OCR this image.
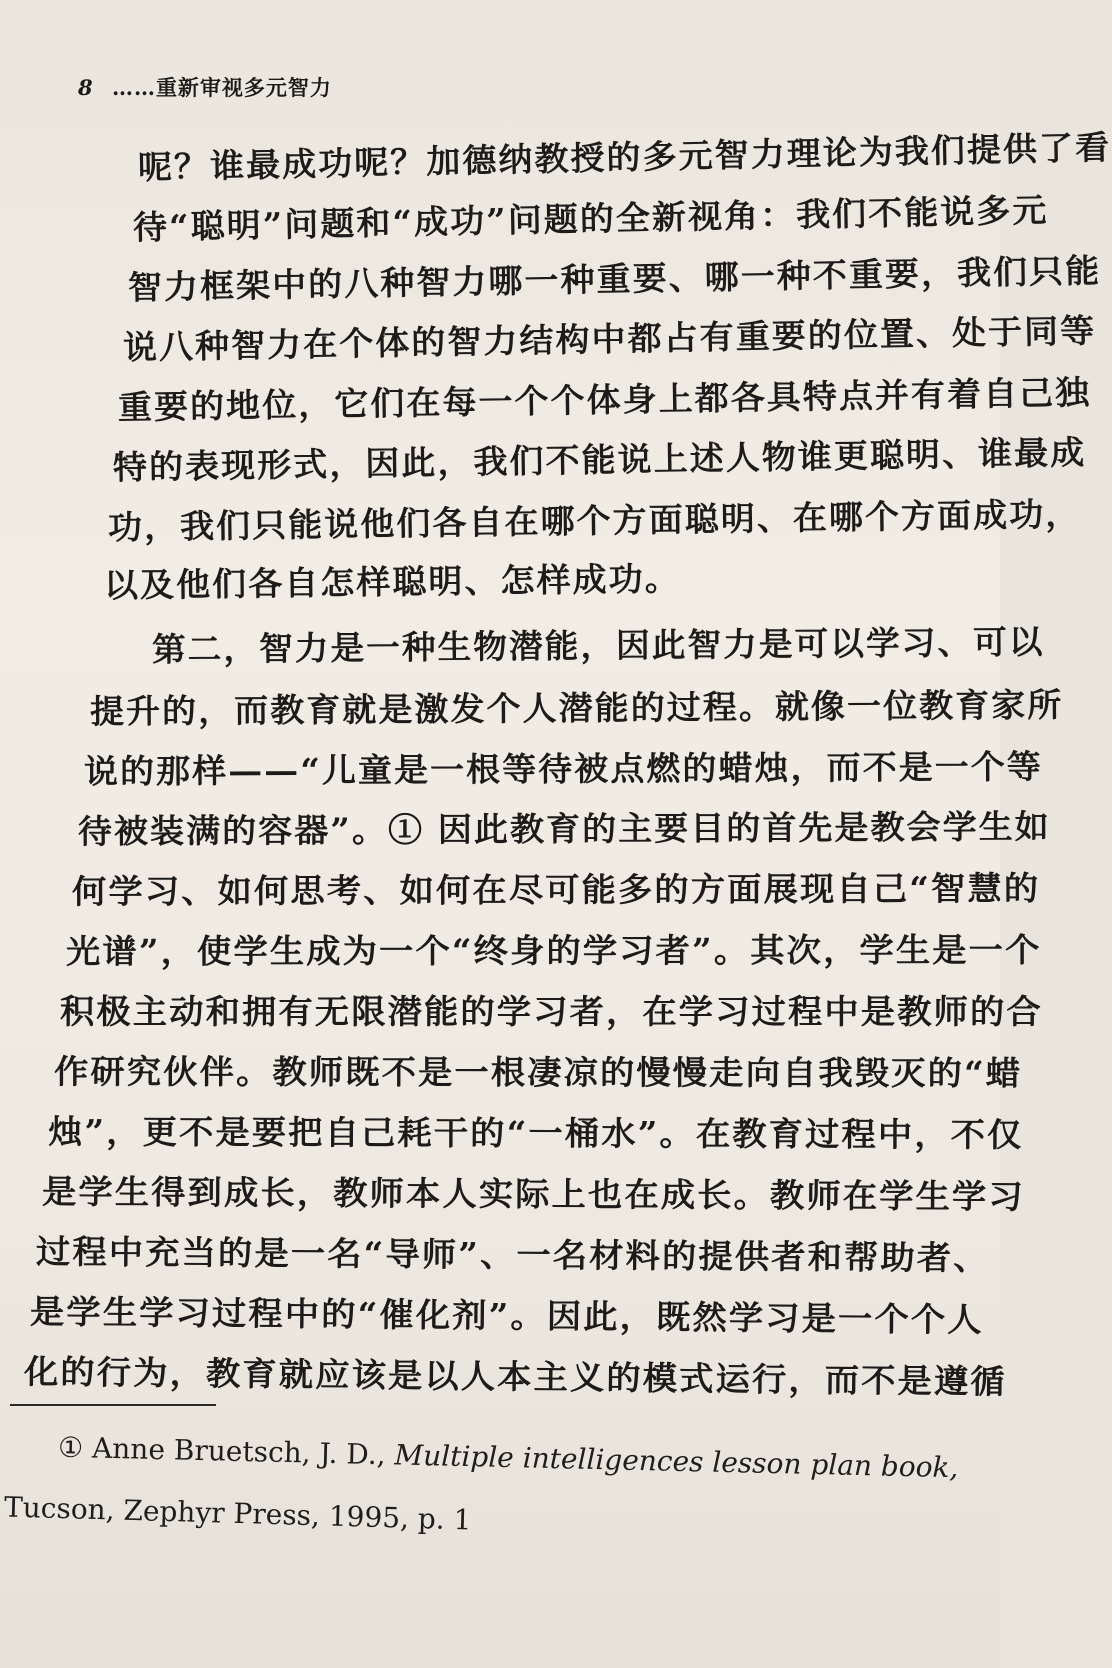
8 ……重新审视多元智力
呢？谁最成功呢？加德纳教授的多元智力理论为我们提供了看
待“聪明”问题和“成功”问题的全新视角：我们不能说多元
智力框架中的八种智力哪一种重要、哪一种不重要，我们只能
说八种智力在个体的智力结构中都占有重要的位置、处于同等
重要的地位，它们在每一个个体身上都各具特点并有着自己独
特的表现形式，因此，我们不能说上述人物谁更聪明、谁最成
功，我们只能说他们各自在哪个方面聪明、在哪个方面成功，
以及他们各自怎样聪明、怎样成功。
第二，智力是一种生物潜能，因此智力是可以学习、可以
提升的，而教育就是激发个人潜能的过程。就像一位教育家所
说的那样——“儿童是一根等待被点燃的蜡烛，而不是一个等
待被装满的容器”。① 因此教育的主要目的首先是教会学生如
何学习、如何思考、如何在尽可能多的方面展现自己“智慧的
光谱”，使学生成为一个“终身的学习者”。其次，学生是一个
积极主动和拥有无限潜能的学习者，在学习过程中是教师的合
作研究伙伴。教师既不是一根凄凉的慢慢走向自我毁灭的“蜡
烛”，更不是要把自己耗干的“一桶水”。在教育过程中，不仅
是学生得到成长，教师本人实际上也在成长。教师在学生学习
过程中充当的是一名“导师”、一名材料的提供者和帮助者、
是学生学习过程中的“催化剂”。因此，既然学习是一个个人
化的行为，教育就应该是以人本主义的模式运行，而不是遵循
① Anne Bruetsch, J. D., Multiple intelligences lesson plan book,
Tucson, Zephyr Press, 1995, p. 1
